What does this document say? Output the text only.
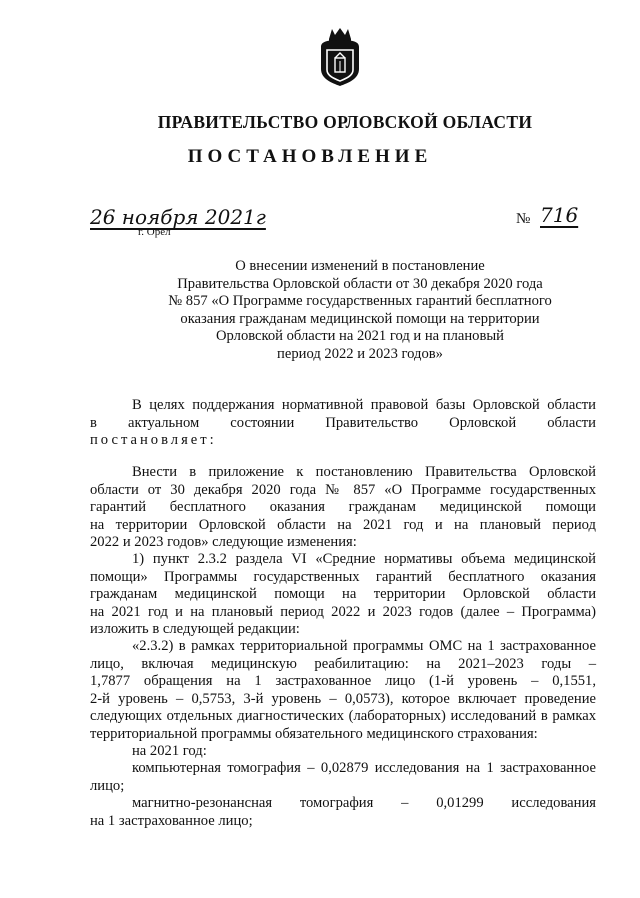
ПРАВИТЕЛЬСТВО ОРЛОВСКОЙ ОБЛАСТИ
ПОСТАНОВЛЕНИЕ
26 ноября 2021г
г. Орёл
№ 716
О внесении изменений в постановление
Правительства Орловской области от 30 декабря 2020 года
№ 857 «О Программе государственных гарантий бесплатного
оказания гражданам медицинской помощи на территории
Орловской области на 2021 год и на плановый
период 2022 и 2023 годов»
В целях поддержания нормативной правовой базы Орловской области
в актуальном состоянии Правительство Орловской области
постановляет:
Внести в приложение к постановлению Правительства Орловской
области от 30 декабря 2020 года № 857 «О Программе государственных
гарантий бесплатного оказания гражданам медицинской помощи
на территории Орловской области на 2021 год и на плановый период
2022 и 2023 годов» следующие изменения:
1) пункт 2.3.2 раздела VI «Средние нормативы объема медицинской
помощи» Программы государственных гарантий бесплатного оказания
гражданам медицинской помощи на территории Орловской области
на 2021 год и на плановый период 2022 и 2023 годов (далее – Программа)
изложить в следующей редакции:
«2.3.2) в рамках территориальной программы ОМС на 1 застрахованное
лицо, включая медицинскую реабилитацию: на 2021–2023 годы –
1,7877 обращения на 1 застрахованное лицо (1-й уровень – 0,1551,
2-й уровень – 0,5753, 3-й уровень – 0,0573), которое включает проведение
следующих отдельных диагностических (лабораторных) исследований в рамках
территориальной программы обязательного медицинского страхования:
на 2021 год:
компьютерная томография – 0,02879 исследования на 1 застрахованное
лицо;
магнитно-резонансная томография – 0,01299 исследования
на 1 застрахованное лицо;
